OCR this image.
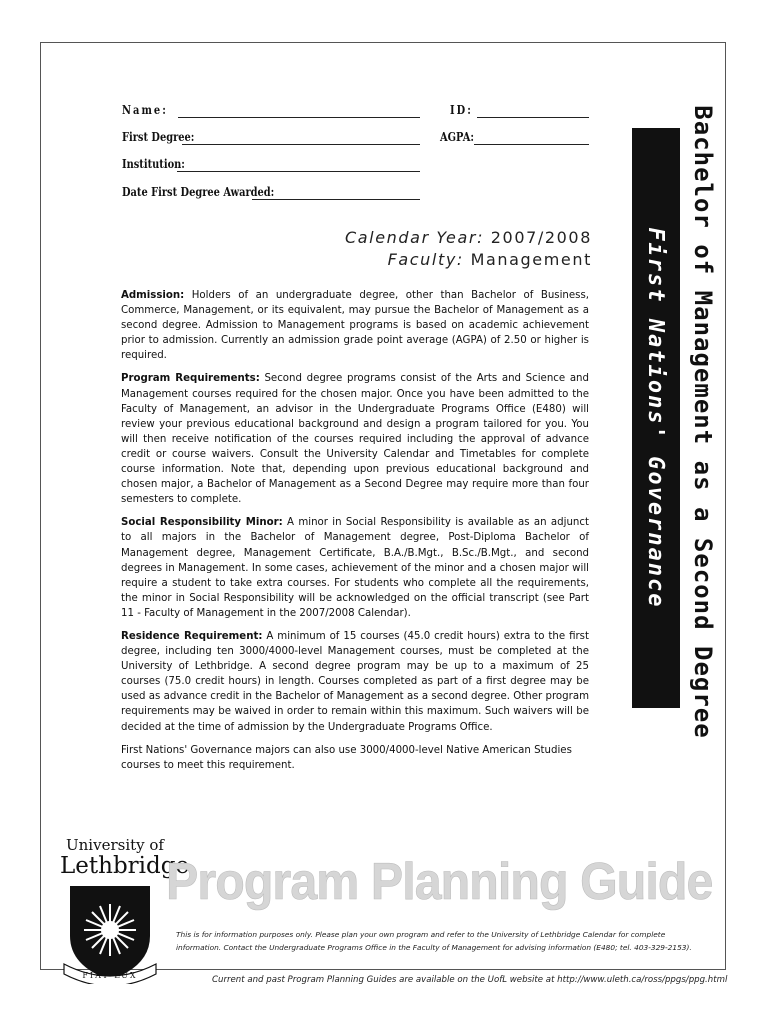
Name:	ID:
First Degree:	AGPA:
Institution:
Date First Degree Awarded:
Calendar Year: 2007/2008
Faculty: Management

Admission: Holders of an undergraduate degree, other than Bachelor of Business, Commerce, Management, or its equivalent, may pursue the Bachelor of Management as a second degree. Admission to Management programs is based on academic achievement prior to admission. Currently an admission grade point average (AGPA) of 2.50 or higher is required.

Program Requirements: Second degree programs consist of the Arts and Science and Management courses required for the chosen major. Once you have been admitted to the Faculty of Management, an advisor in the Undergraduate Programs Office (E480) will review your previous educational background and design a program tailored for you. You will then receive notification of the courses required including the approval of advance credit or course waivers. Consult the University Calendar and Timetables for complete course information. Note that, depending upon previous educational background and chosen major, a Bachelor of Management as a Second Degree may require more than four semesters to complete.

Social Responsibility Minor: A minor in Social Responsibility is available as an adjunct to all majors in the Bachelor of Management degree, Post-Diploma Bachelor of Management degree, Management Certificate, B.A./B.Mgt., B.Sc./B.Mgt., and second degrees in Management. In some cases, achievement of the minor and a chosen major will require a student to take extra courses. For students who complete all the requirements, the minor in Social Responsibility will be acknowledged on the official transcript (see Part 11 - Faculty of Management in the 2007/2008 Calendar).

Residence Requirement: A minimum of 15 courses (45.0 credit hours) extra to the first degree, including ten 3000/4000-level Management courses, must be completed at the University of Lethbridge. A second degree program may be up to a maximum of 25 courses (75.0 credit hours) in length. Courses completed as part of a first degree may be used as advance credit in the Bachelor of Management as a second degree. Other program requirements may be waived in order to remain within this maximum. Such waivers will be decided at the time of admission by the Undergraduate Programs Office.

First Nations' Governance majors can also use 3000/4000-level Native American Studies courses to meet this requirement.

First Nations' Governance Bachelor of Management as a Second Degree
University of
Lethbridge
FIAT LUX
Program Planning Guide
This is for information purposes only. Please plan your own program and refer to the University of Lethbridge Calendar for complete
information. Contact the Undergraduate Programs Office in the Faculty of Management for advising information (E480; tel. 403-329-2153).
Current and past Program Planning Guides are available on the UofL website at http://www.uleth.ca/ross/ppgs/ppg.html
